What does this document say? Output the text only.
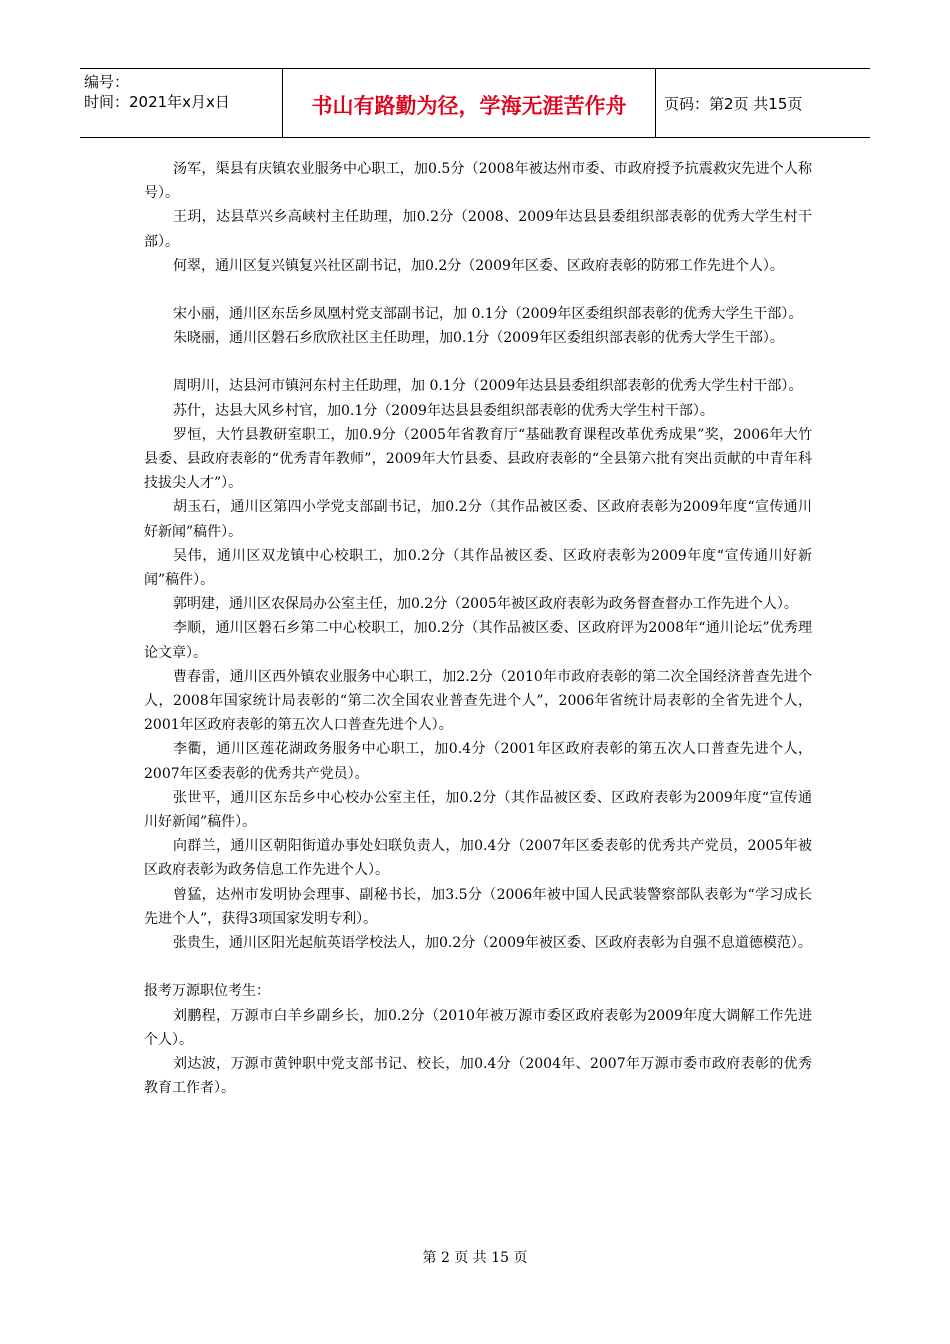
编号：
时间：2021年x月x日	书山有路勤为径，学海无涯苦作舟	页码：第2页 共15页

汤军，渠县有庆镇农业服务中心职工，加0.5分（2008年被达州市委、市政府授予抗震救灾先进个人称号）。

王玥，达县草兴乡高峡村主任助理，加0.2分（2008、2009年达县县委组织部表彰的优秀大学生村干部）。

何翠，通川区复兴镇复兴社区副书记，加0.2分（2009年区委、区政府表彰的防邪工作先进个人）。

宋小丽，通川区东岳乡凤凰村党支部副书记，加 0.1分（2009年区委组织部表彰的优秀大学生干部）。

朱晓丽，通川区磐石乡欣欣社区主任助理，加0.1分（2009年区委组织部表彰的优秀大学生干部）。

周明川，达县河市镇河东村主任助理，加 0.1分（2009年达县县委组织部表彰的优秀大学生村干部）。

苏什，达县大风乡村官，加0.1分（2009年达县县委组织部表彰的优秀大学生村干部）。

罗恒，大竹县教研室职工，加0.9分（2005年省教育厅“基础教育课程改革优秀成果”奖，2006年大竹县委、县政府表彰的“优秀青年教师”，2009年大竹县委、县政府表彰的“全县第六批有突出贡献的中青年科技拔尖人才”）。

胡玉石，通川区第四小学党支部副书记，加0.2分（其作品被区委、区政府表彰为2009年度“宣传通川好新闻”稿件）。

吴伟，通川区双龙镇中心校职工，加0.2分（其作品被区委、区政府表彰为2009年度“宣传通川好新闻”稿件）。

郭明建，通川区农保局办公室主任，加0.2分（2005年被区政府表彰为政务督查督办工作先进个人）。

李顺，通川区磐石乡第二中心校职工，加0.2分（其作品被区委、区政府评为2008年“通川论坛”优秀理论文章）。

曹春雷，通川区西外镇农业服务中心职工，加2.2分（2010年市政府表彰的第二次全国经济普查先进个人，2008年国家统计局表彰的“第二次全国农业普查先进个人”，2006年省统计局表彰的全省先进个人，2001年区政府表彰的第五次人口普查先进个人）。

李衢，通川区莲花湖政务服务中心职工，加0.4分（2001年区政府表彰的第五次人口普查先进个人，2007年区委表彰的优秀共产党员）。

张世平，通川区东岳乡中心校办公室主任，加0.2分（其作品被区委、区政府表彰为2009年度“宣传通川好新闻”稿件）。

向群兰，通川区朝阳街道办事处妇联负责人，加0.4分（2007年区委表彰的优秀共产党员，2005年被区政府表彰为政务信息工作先进个人）。

曾猛，达州市发明协会理事、副秘书长，加3.5分（2006年被中国人民武装警察部队表彰为“学习成长先进个人”，获得3项国家发明专利）。

张贵生，通川区阳光起航英语学校法人，加0.2分（2009年被区委、区政府表彰为自强不息道德模范）。

报考万源职位考生：

刘鹏程，万源市白羊乡副乡长，加0.2分（2010年被万源市委区政府表彰为2009年度大调解工作先进个人）。

刘达波，万源市黄钟职中党支部书记、校长，加0.4分（2004年、2007年万源市委市政府表彰的优秀教育工作者）。

第 2 页 共 15 页
